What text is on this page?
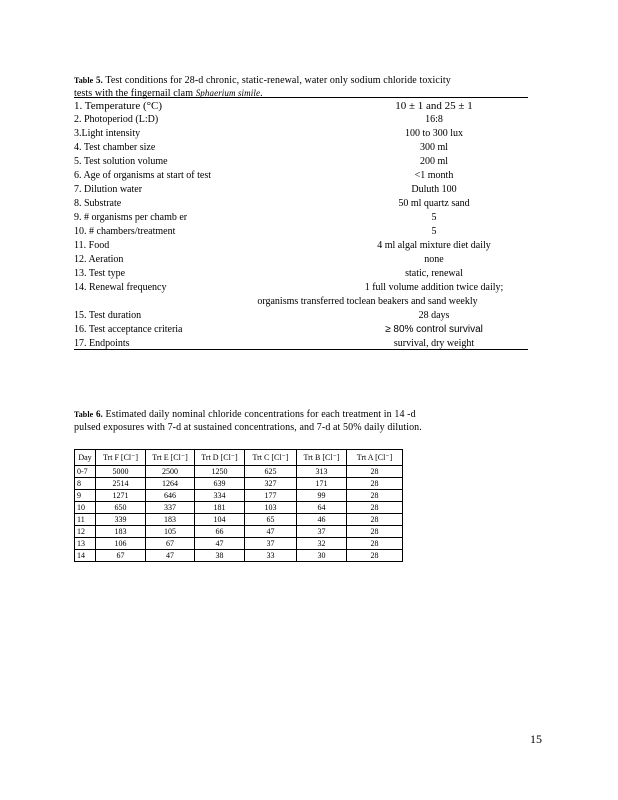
Table 5. Test conditions for 28-d chronic, static-renewal, water only sodium chloride toxicity
tests with the fingernail clam Sphaerium simile.
1. Temperature (°C)	10 ± 1 and 25 ± 1
2. Photoperiod (L:D)	16:8
3.Light intensity	100 to 300 lux
4. Test chamber size	300 ml
5. Test solution volume	200 ml
6. Age of organisms at start of test	<1 month
7. Dilution water	Duluth 100
8. Substrate	50 ml quartz sand
9. # organisms per chamb er	5
10. # chambers/treatment	5
11. Food	4 ml algal mixture diet daily
12. Aeration	none
13. Test type	static, renewal
14. Renewal frequency	1 full volume addition twice daily;
organisms transferred toclean beakers and sand weekly
15. Test duration	28 days
16. Test acceptance criteria	≥ 80% control survival
17. Endpoints	survival, dry weight
Table 6. Estimated daily nominal chloride concentrations for each treatment in 14 -d
pulsed exposures with 7-d at sustained concentrations, and 7-d at 50% daily dilution.
Day	Trt F [Cl⁻]	Trt E [Cl⁻]	Trt D [Cl⁻]	Trt C [Cl⁻]	Trt B [Cl⁻]	Trt A [Cl⁻]
0-7	5000	2500	1250	625	313	28
8	2514	1264	639	327	171	28
9	1271	646	334	177	99	28
10	650	337	181	103	64	28
11	339	183	104	65	46	28
12	183	105	66	47	37	28
13	106	67	47	37	32	28
14	67	47	38	33	30	28
15
